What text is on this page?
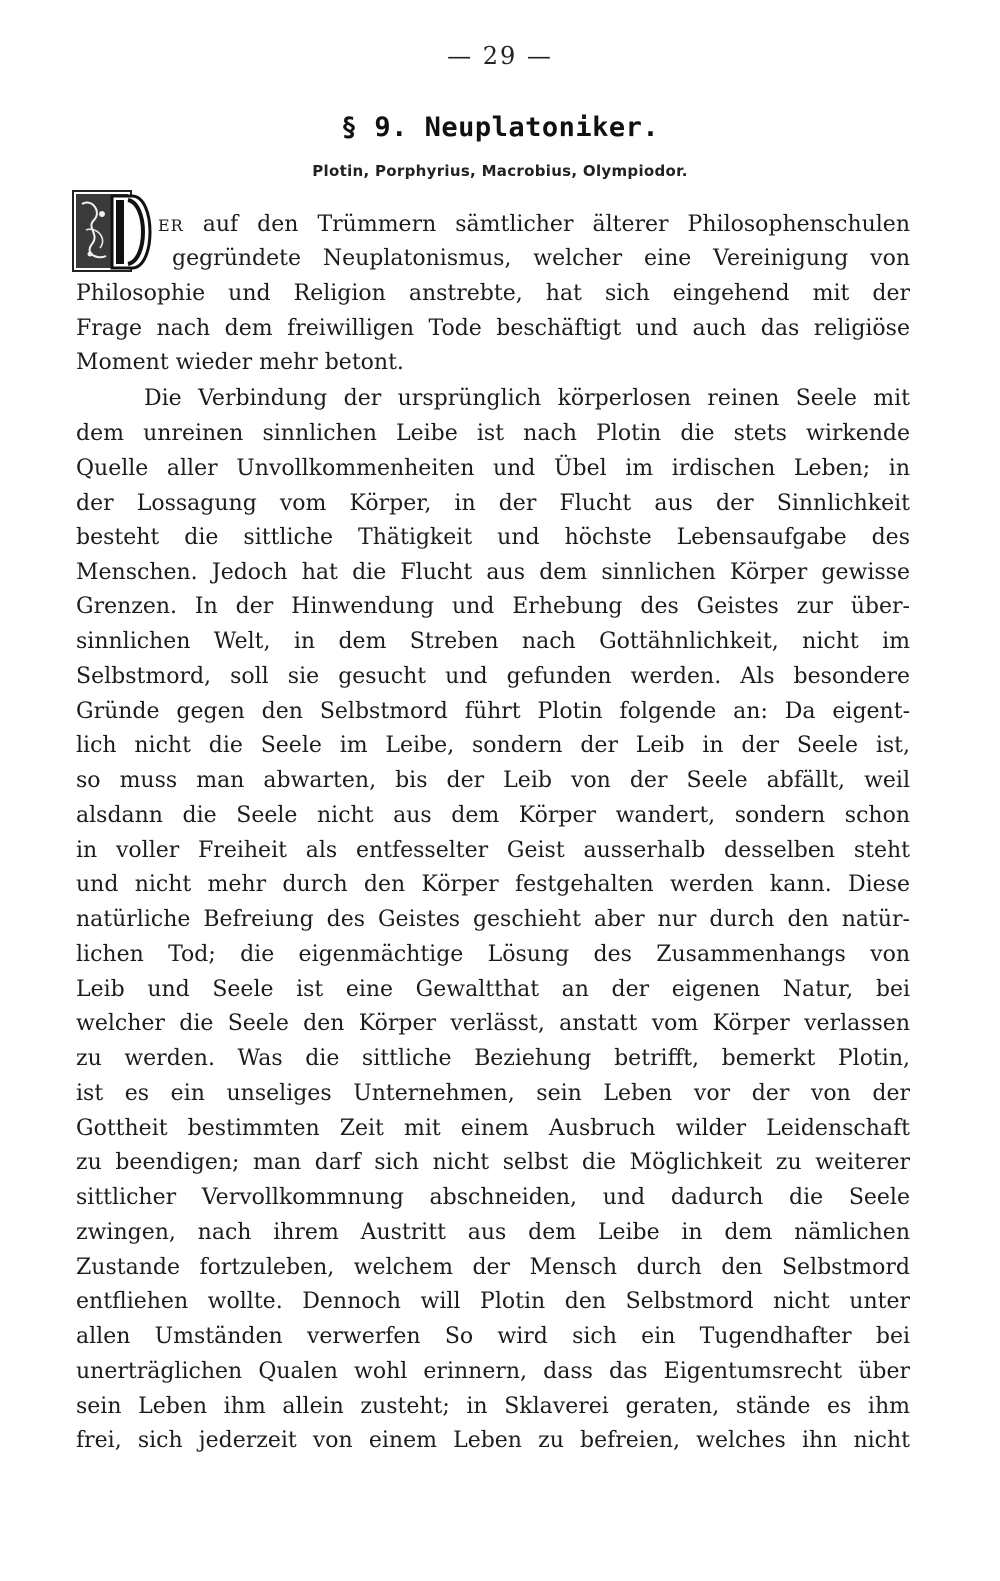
— 29 —
§ 9. Neuplatoniker.
Plotin, Porphyrius, Macrobius, Olympiodor.
ER auf den Trümmern sämtlicher älterer Philosophenschulen
gegründete Neuplatonismus, welcher eine Vereinigung von
Philosophie und Religion anstrebte, hat sich eingehend mit der
Frage nach dem freiwilligen Tode beschäftigt und auch das religiöse
Moment wieder mehr betont.
Die Verbindung der ursprünglich körperlosen reinen Seele mit
dem unreinen sinnlichen Leibe ist nach Plotin die stets wirkende
Quelle aller Unvollkommenheiten und Übel im irdischen Leben; in
der Lossagung vom Körper, in der Flucht aus der Sinnlichkeit
besteht die sittliche Thätigkeit und höchste Lebensaufgabe des
Menschen. Jedoch hat die Flucht aus dem sinnlichen Körper gewisse
Grenzen. In der Hinwendung und Erhebung des Geistes zur über-
sinnlichen Welt, in dem Streben nach Gottähnlichkeit, nicht im
Selbstmord, soll sie gesucht und gefunden werden. Als besondere
Gründe gegen den Selbstmord führt Plotin folgende an: Da eigent-
lich nicht die Seele im Leibe, sondern der Leib in der Seele ist,
so muss man abwarten, bis der Leib von der Seele abfällt, weil
alsdann die Seele nicht aus dem Körper wandert, sondern schon
in voller Freiheit als entfesselter Geist ausserhalb desselben steht
und nicht mehr durch den Körper festgehalten werden kann. Diese
natürliche Befreiung des Geistes geschieht aber nur durch den natür-
lichen Tod; die eigenmächtige Lösung des Zusammenhangs von
Leib und Seele ist eine Gewaltthat an der eigenen Natur, bei
welcher die Seele den Körper verlässt, anstatt vom Körper verlassen
zu werden. Was die sittliche Beziehung betrifft, bemerkt Plotin,
ist es ein unseliges Unternehmen, sein Leben vor der von der
Gottheit bestimmten Zeit mit einem Ausbruch wilder Leidenschaft
zu beendigen; man darf sich nicht selbst die Möglichkeit zu weiterer
sittlicher Vervollkommnung abschneiden, und dadurch die Seele
zwingen, nach ihrem Austritt aus dem Leibe in dem nämlichen
Zustande fortzuleben, welchem der Mensch durch den Selbstmord
entfliehen wollte. Dennoch will Plotin den Selbstmord nicht unter
allen Umständen verwerfen So wird sich ein Tugendhafter bei
unerträglichen Qualen wohl erinnern, dass das Eigentumsrecht über
sein Leben ihm allein zusteht; in Sklaverei geraten, stände es ihm
frei, sich jederzeit von einem Leben zu befreien, welches ihn nicht
